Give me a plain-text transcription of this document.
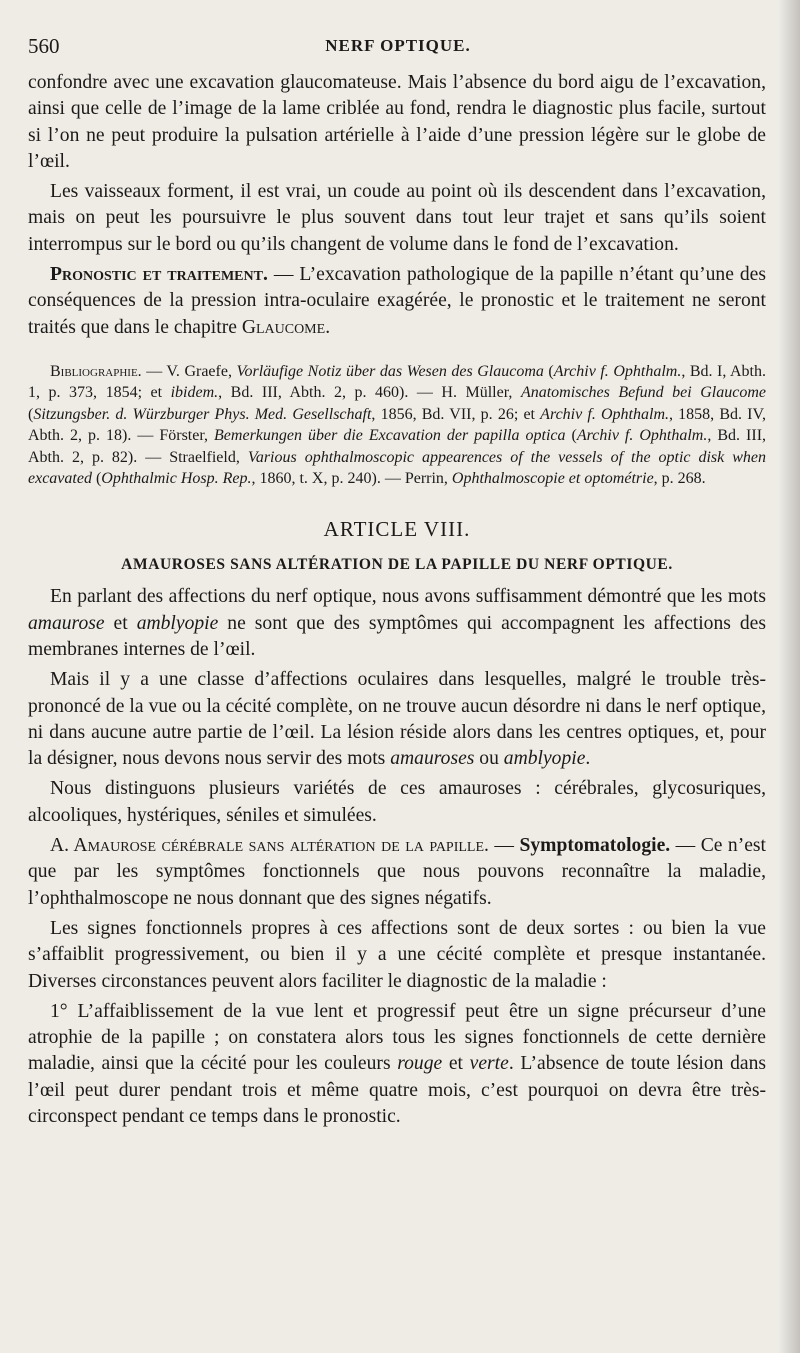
560	NERF OPTIQUE.

confondre avec une excavation glaucomateuse. Mais l’absence du bord aigu de l’excavation, ainsi que celle de l’image de la lame criblée au fond, rendra le diagnostic plus facile, surtout si l’on ne peut produire la pulsation artérielle à l’aide d’une pression légère sur le globe de l’œil.

Les vaisseaux forment, il est vrai, un coude au point où ils descendent dans l’excavation, mais on peut les poursuivre le plus souvent dans tout leur trajet et sans qu’ils soient interrompus sur le bord ou qu’ils changent de volume dans le fond de l’excavation.

Pronostic et traitement. — L’excavation pathologique de la papille n’étant qu’une des conséquences de la pression intra-oculaire exagérée, le pronostic et le traitement ne seront traités que dans le chapitre Glaucome.

Bibliographie. — V. Graefe, Vorläufige Notiz über das Wesen des Glaucoma (Archiv f. Ophthalm., Bd. I, Abth. 1, p. 373, 1854; et ibidem., Bd. III, Abth. 2, p. 460). — H. Müller, Anatomisches Befund bei Glaucome (Sitzungsber. d. Würzburger Phys. Med. Gesellschaft, 1856, Bd. VII, p. 26; et Archiv f. Ophthalm., 1858, Bd. IV, Abth. 2, p. 18). — Förster, Bemerkungen über die Excavation der papilla optica (Archiv f. Ophthalm., Bd. III, Abth. 2, p. 82). — Straelfield, Various ophthalmoscopic appearences of the vessels of the optic disk when excavated (Ophthalmic Hosp. Rep., 1860, t. X, p. 240). — Perrin, Ophthalmoscopie et optométrie, p. 268.

ARTICLE VIII.
AMAUROSES SANS ALTÉRATION DE LA PAPILLE DU NERF OPTIQUE.

En parlant des affections du nerf optique, nous avons suffisamment démontré que les mots amaurose et amblyopie ne sont que des symptômes qui accompagnent les affections des membranes internes de l’œil.

Mais il y a une classe d’affections oculaires dans lesquelles, malgré le trouble très-prononcé de la vue ou la cécité complète, on ne trouve aucun désordre ni dans le nerf optique, ni dans aucune autre partie de l’œil. La lésion réside alors dans les centres optiques, et, pour la désigner, nous devons nous servir des mots amauroses ou amblyopie.

Nous distinguons plusieurs variétés de ces amauroses : cérébrales, glycosuriques, alcooliques, hystériques, séniles et simulées.

A. Amaurose cérébrale sans altération de la papille. — Symptomatologie. — Ce n’est que par les symptômes fonctionnels que nous pouvons reconnaître la maladie, l’ophthalmoscope ne nous donnant que des signes négatifs.

Les signes fonctionnels propres à ces affections sont de deux sortes : ou bien la vue s’affaiblit progressivement, ou bien il y a une cécité complète et presque instantanée. Diverses circonstances peuvent alors faciliter le diagnostic de la maladie :

1° L’affaiblissement de la vue lent et progressif peut être un signe précurseur d’une atrophie de la papille ; on constatera alors tous les signes fonctionnels de cette dernière maladie, ainsi que la cécité pour les couleurs rouge et verte. L’absence de toute lésion dans l’œil peut durer pendant trois et même quatre mois, c’est pourquoi on devra être très-circonspect pendant ce temps dans le pronostic.
